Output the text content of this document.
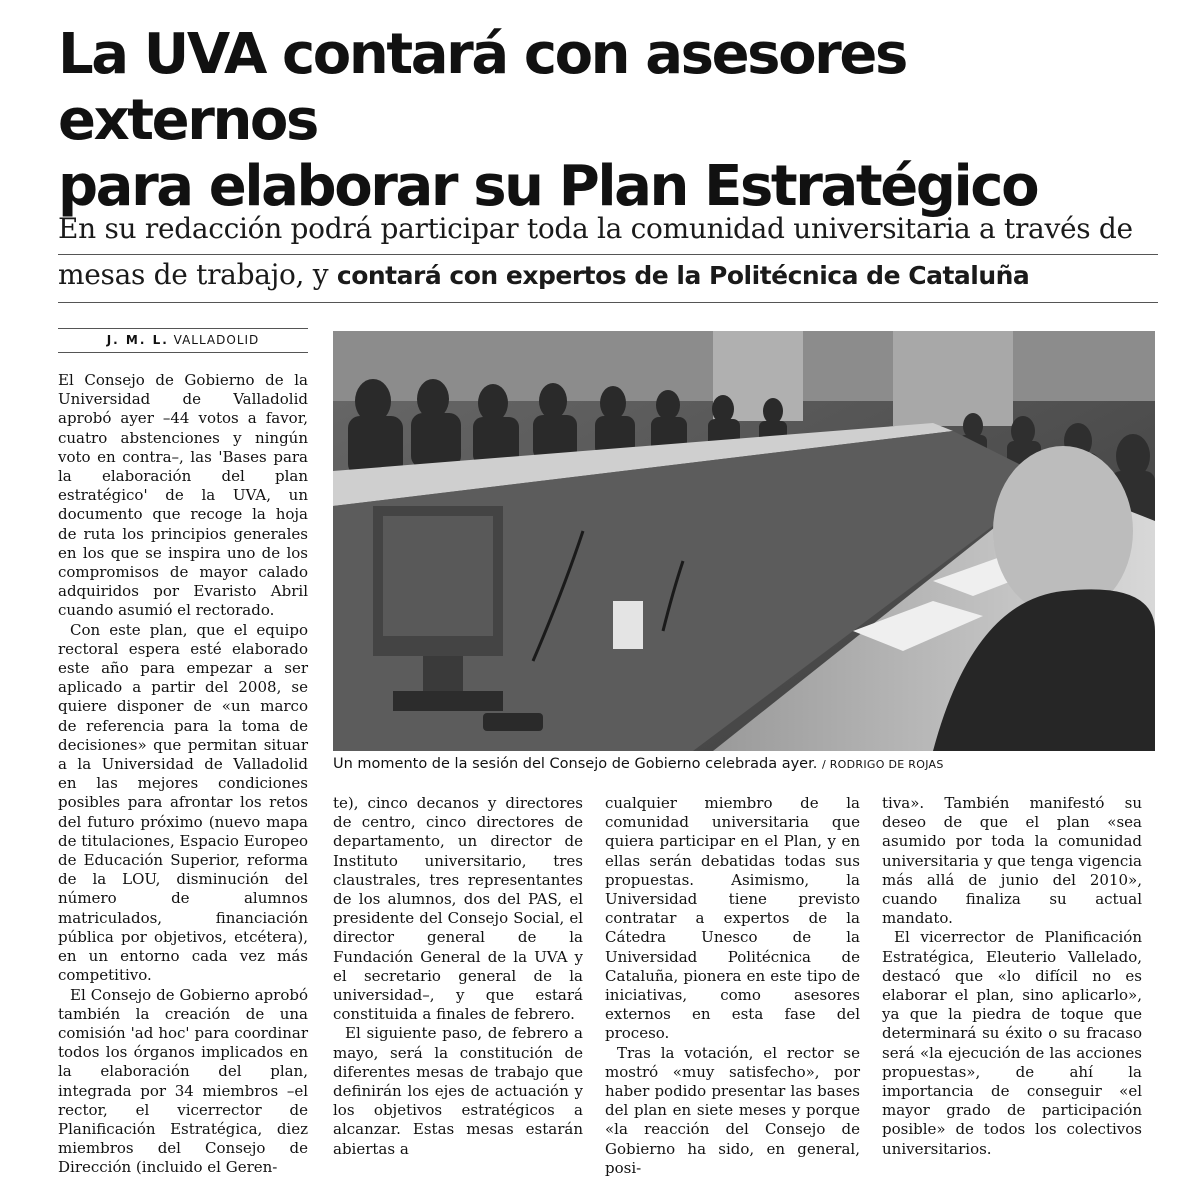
La UVA contará con asesores externos
para elaborar su Plan Estratégico
En su redacción podrá participar toda la comunidad universitaria a través de
mesas de trabajo, y contará con expertos de la Politécnica de Cataluña
J. M. L. VALLADOLID

El Consejo de Gobierno de la Universidad de Valladolid aprobó ayer –44 votos a favor, cuatro abstenciones y ningún voto en contra–, las 'Bases para la elaboración del plan estratégico' de la UVA, un documento que recoge la hoja de ruta los principios generales en los que se inspira uno de los compromisos de mayor calado adquiridos por Evaristo Abril cuando asumió el rectorado.

Con este plan, que el equipo rectoral espera esté elaborado este año para empezar a ser aplicado a partir del 2008, se quiere disponer de «un marco de referencia para la toma de decisiones» que permitan situar a la Universidad de Valladolid en las mejores condiciones posibles para afrontar los retos del futuro próximo (nuevo mapa de titulaciones, Espacio Europeo de Educación Superior, reforma de la LOU, disminución del número de alumnos matriculados, financiación pública por objetivos, etcétera), en un entorno cada vez más competitivo.

El Consejo de Gobierno aprobó también la creación de una comisión 'ad hoc' para coordinar todos los órganos implicados en la elaboración del plan, integrada por 34 miembros –el rector, el vicerrector de Planificación Estratégica, diez miembros del Consejo de Dirección (incluido el Geren-

Un momento de la sesión del Consejo de Gobierno celebrada ayer. / RODRIGO DE ROJAS

te), cinco decanos y directores de centro, cinco directores de departamento, un director de Instituto universitario, tres claustrales, tres representantes de los alumnos, dos del PAS, el presidente del Consejo Social, el director general de la Fundación General de la UVA y el secretario general de la universidad–, y que estará constituida a finales de febrero.

El siguiente paso, de febrero a mayo, será la constitución de diferentes mesas de trabajo que definirán los ejes de actuación y los objetivos estratégicos a alcanzar. Estas mesas estarán abiertas a

cualquier miembro de la comunidad universitaria que quiera participar en el Plan, y en ellas serán debatidas todas sus propuestas. Asimismo, la Universidad tiene previsto contratar a expertos de la Cátedra Unesco de la Universidad Politécnica de Cataluña, pionera en este tipo de iniciativas, como asesores externos en esta fase del proceso.

Tras la votación, el rector se mostró «muy satisfecho», por haber podido presentar las bases del plan en siete meses y porque «la reacción del Consejo de Gobierno ha sido, en general, posi-

tiva». También manifestó su deseo de que el plan «sea asumido por toda la comunidad universitaria y que tenga vigencia más allá de junio del 2010», cuando finaliza su actual mandato.

El vicerrector de Planificación Estratégica, Eleuterio Vallelado, destacó que «lo difícil no es elaborar el plan, sino aplicarlo», ya que la piedra de toque que determinará su éxito o su fracaso será «la ejecución de las acciones propuestas», de ahí la importancia de conseguir «el mayor grado de participación posible» de todos los colectivos universitarios.
